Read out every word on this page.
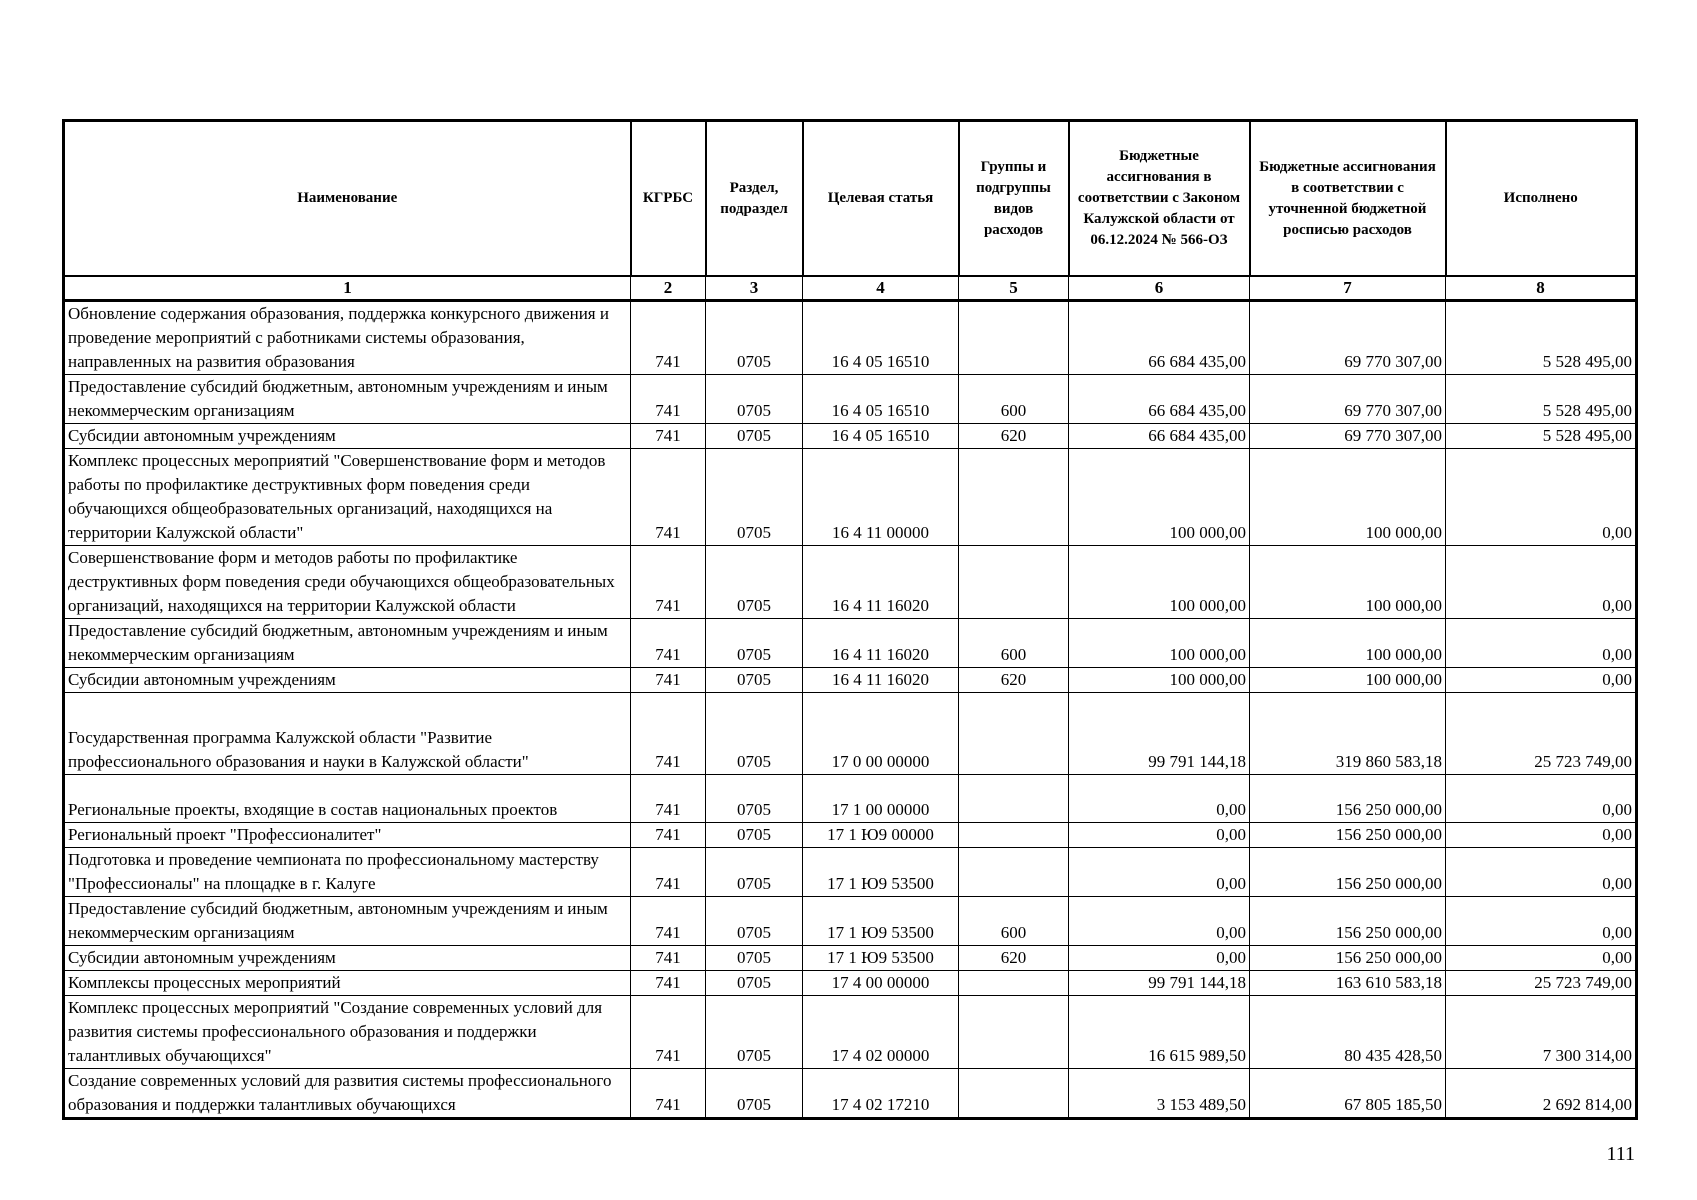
Наименование	КГРБС	Раздел, подраздел	Целевая статья	Группы и подгруппы видов расходов	Бюджетные ассигнования в соответствии с Законом Калужской области от 06.12.2024 № 566-ОЗ	Бюджетные ассигнования в соответствии с уточненной бюджетной росписью расходов	Исполнено
1	2	3	4	5	6	7	8
Обновление содержания образования, поддержка конкурсного движения и проведение мероприятий с работниками системы образования, направленных на развития образования	741	0705	16 4 05 16510		66 684 435,00	69 770 307,00	5 528 495,00
Предоставление субсидий бюджетным, автономным учреждениям и иным некоммерческим организациям	741	0705	16 4 05 16510	600	66 684 435,00	69 770 307,00	5 528 495,00
Субсидии автономным учреждениям	741	0705	16 4 05 16510	620	66 684 435,00	69 770 307,00	5 528 495,00
Комплекс процессных мероприятий "Совершенствование форм и методов работы по профилактике деструктивных форм поведения среди обучающихся общеобразовательных организаций, находящихся на территории Калужской области"	741	0705	16 4 11 00000		100 000,00	100 000,00	0,00
Совершенствование форм и методов работы по профилактике деструктивных форм поведения среди обучающихся общеобразовательных организаций, находящихся на территории Калужской области	741	0705	16 4 11 16020		100 000,00	100 000,00	0,00
Предоставление субсидий бюджетным, автономным учреждениям и иным некоммерческим организациям	741	0705	16 4 11 16020	600	100 000,00	100 000,00	0,00
Субсидии автономным учреждениям	741	0705	16 4 11 16020	620	100 000,00	100 000,00	0,00
Государственная программа Калужской области "Развитие профессионального образования и науки в Калужской области"	741	0705	17 0 00 00000		99 791 144,18	319 860 583,18	25 723 749,00
Региональные проекты, входящие в состав национальных проектов	741	0705	17 1 00 00000		0,00	156 250 000,00	0,00
Региональный проект "Профессионалитет"	741	0705	17 1 Ю9 00000		0,00	156 250 000,00	0,00
Подготовка и проведение чемпионата по профессиональному мастерству "Профессионалы" на площадке в г. Калуге	741	0705	17 1 Ю9 53500		0,00	156 250 000,00	0,00
Предоставление субсидий бюджетным, автономным учреждениям и иным некоммерческим организациям	741	0705	17 1 Ю9 53500	600	0,00	156 250 000,00	0,00
Субсидии автономным учреждениям	741	0705	17 1 Ю9 53500	620	0,00	156 250 000,00	0,00
Комплексы процессных мероприятий	741	0705	17 4 00 00000		99 791 144,18	163 610 583,18	25 723 749,00
Комплекс процессных мероприятий "Создание современных условий для развития системы профессионального образования и поддержки талантливых обучающихся"	741	0705	17 4 02 00000		16 615 989,50	80 435 428,50	7 300 314,00
Создание современных условий для развития системы профессионального образования и поддержки талантливых обучающихся	741	0705	17 4 02 17210		3 153 489,50	67 805 185,50	2 692 814,00
111
